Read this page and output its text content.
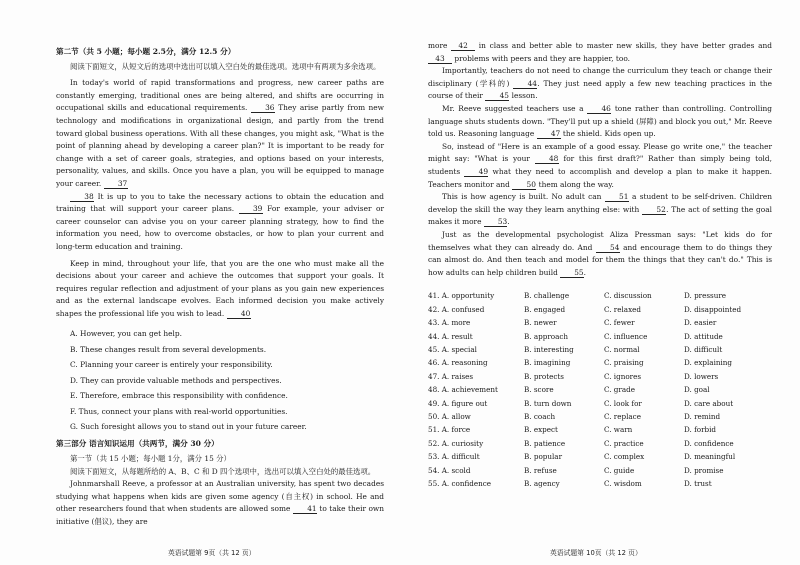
第二节（共 5 小题；每小题 2.5分，满分 12.5 分）

阅读下面短文，从短文后的选项中选出可以填入空白处的最佳选项。选项中有两项为多余选项。

In today's world of rapid transformations and progress, new career paths are constantly emerging, traditional ones are being altered, and shifts are occurring in occupational skills and educational requirements. 36 They arise partly from new technology and modifications in organizational design, and partly from the trend toward global business operations. With all these changes, you might ask, "What is the point of planning ahead by developing a career plan?" It is important to be ready for change with a set of career goals, strategies, and options based on your interests, personality, values, and skills. Once you have a plan, you will be equipped to manage your career. 37

38 It is up to you to take the necessary actions to obtain the education and training that will support your career plans.	39 For example, your adviser or career counselor can advise you on your career planning strategy, how to find the information you need, how to overcome obstacles, or how to plan your current and long-term education and training.

Keep in mind, throughout your life, that you are the one who must make all the decisions about your career and achieve the outcomes that support your goals. It requires regular reflection and adjustment of your plans as you gain new experiences and as the external landscape evolves. Each informed decision you make actively shapes the professional life you wish to lead. 40

A. However, you can get help.

B. These changes result from several developments.

C. Planning your career is entirely your responsibility.

D. They can provide valuable methods and perspectives.

E. Therefore, embrace this responsibility with confidence.

F. Thus, connect your plans with real-world opportunities.

G. Such foresight allows you to stand out in your future career.

第三部分 语言知识运用（共两节，满分 30 分）

第一节（共 15 小题；每小题 1分，满分 15 分）

阅读下面短文，从每题所给的 A、B、C 和 D 四个选项中，选出可以填入空白处的最佳选项。

Johnmarshall Reeve, a professor at an Australian university, has spent two decades studying what happens when kids are given some agency (自主权) in school. He and other researchers found that when students are allowed some 41 to take their own initiative (倡议), they are

英语试题第 9页（共 12 页）

more 42 in class and better able to master new skills, they have better grades and 43 problems with peers and they are happier, too.

Importantly, teachers do not need to change the curriculum they teach or change their disciplinary (学科的) 44. They just need apply a few new teaching practices in the course of their 45 lesson.

Mr. Reeve suggested teachers use a 46 tone rather than controlling. Controlling language shuts students down. "They'll put up a shield (屏障) and block you out," Mr. Reeve told us. Reasoning language 47 the shield. Kids open up.

So, instead of "Here is an example of a good essay. Please go write one," the teacher might say: "What is your	48 for this first draft?" Rather than simply being told, students 49 what they need to accomplish and develop a plan to make it happen. Teachers monitor and 50 them along the way.

This is how agency is built. No adult can 51 a student to be self-driven. Children develop the skill the way they learn anything else: with 52. The act of setting the goal makes it more 53.

Just as the developmental psychologist Aliza Pressman says: "Let kids do for themselves what they can already do. And 54 and encourage them to do things they can almost do. And then teach and model for them the things that they can't do." This is how adults can help children build 55.

41. A. opportunity	B. challenge	C. discussion	D. pressure
42. A. confused	B. engaged	C. relaxed	D. disappointed
43. A. more	B. newer	C. fewer	D. easier
44. A. result	B. approach	C. influence	D. attitude
45. A. special	B. interesting	C. normal	D. difficult
46. A. reasoning	B. imagining	C. praising	D. explaining
47. A. raises	B. protects	C. ignores	D. lowers
48. A. achievement	B. score	C. grade	D. goal
49. A. figure out	B. turn down	C. look for	D. care about
50. A. allow	B. coach	C. replace	D. remind
51. A. force	B. expect	C. warn	D. forbid
52. A. curiosity	B. patience	C. practice	D. confidence
53. A. difficult	B. popular	C. complex	D. meaningful
54. A. scold	B. refuse	C. guide	D. promise
55. A. confidence	B. agency	C. wisdom	D. trust
英语试题第 10页（共 12 页）
